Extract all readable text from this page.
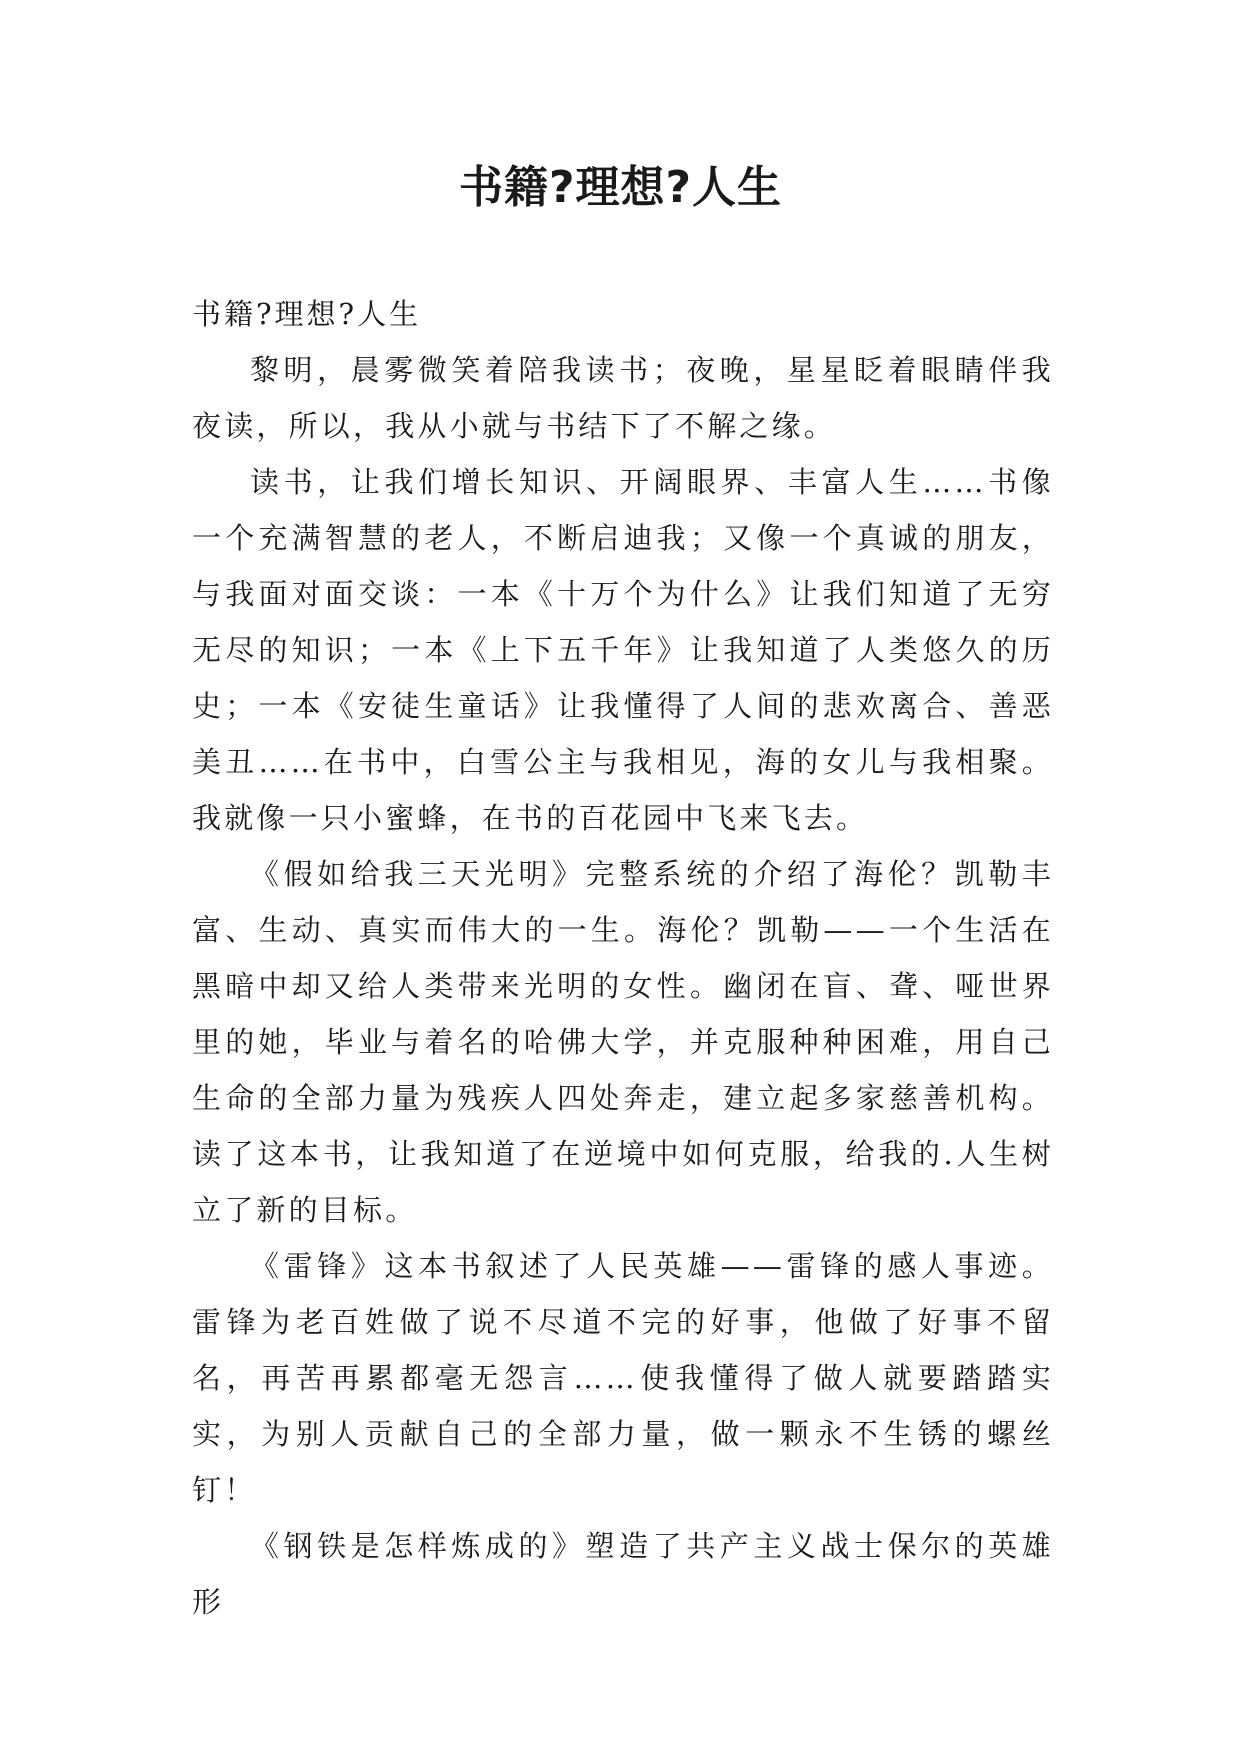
书籍?理想?人生

书籍?理想?人生

黎明，晨雾微笑着陪我读书；夜晚，星星眨着眼睛伴我夜读，所以，我从小就与书结下了不解之缘。

读书，让我们增长知识、开阔眼界、丰富人生……书像一个充满智慧的老人，不断启迪我；又像一个真诚的朋友，与我面对面交谈：一本《十万个为什么》让我们知道了无穷无尽的知识；一本《上下五千年》让我知道了人类悠久的历史；一本《安徒生童话》让我懂得了人间的悲欢离合、善恶美丑……在书中，白雪公主与我相见，海的女儿与我相聚。我就像一只小蜜蜂，在书的百花园中飞来飞去。

《假如给我三天光明》完整系统的介绍了海伦？凯勒丰富、生动、真实而伟大的一生。海伦？凯勒——一个生活在黑暗中却又给人类带来光明的女性。幽闭在盲、聋、哑世界里的她，毕业与着名的哈佛大学，并克服种种困难，用自己生命的全部力量为残疾人四处奔走，建立起多家慈善机构。读了这本书，让我知道了在逆境中如何克服，给我的.人生树立了新的目标。

《雷锋》这本书叙述了人民英雄——雷锋的感人事迹。雷锋为老百姓做了说不尽道不完的好事，他做了好事不留名，再苦再累都毫无怨言……使我懂得了做人就要踏踏实实，为别人贡献自己的全部力量，做一颗永不生锈的螺丝钉！

《钢铁是怎样炼成的》塑造了共产主义战士保尔的英雄形
